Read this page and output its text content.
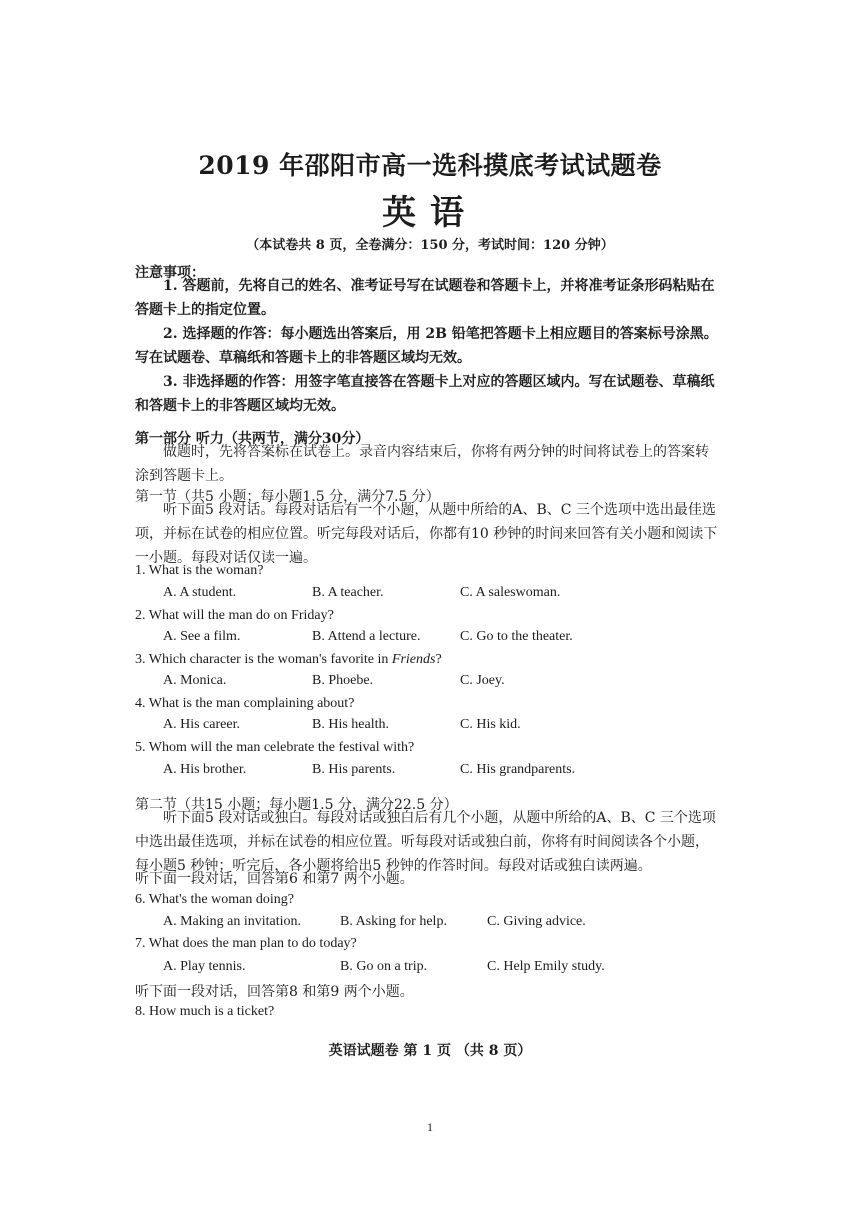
2019 年邵阳市高一选科摸底考试试题卷
英语
（本试卷共 8 页，全卷满分：150 分，考试时间：120 分钟）
注意事项：

1. 答题前，先将自己的姓名、准考证号写在试题卷和答题卡上，并将准考证条形码粘贴在答题卡上的指定位置。

2. 选择题的作答：每小题选出答案后，用 2B 铅笔把答题卡上相应题目的答案标号涂黑。写在试题卷、草稿纸和答题卡上的非答题区域均无效。

3. 非选择题的作答：用签字笔直接答在答题卡上对应的答题区域内。写在试题卷、草稿纸和答题卡上的非答题区域均无效。

第一部分 听力（共两节，满分30分）

做题时，先将答案标在试卷上。录音内容结束后，你将有两分钟的时间将试卷上的答案转涂到答题卡上。

第一节（共5 小题；每小题1.5 分，满分7.5 分）

听下面5 段对话。每段对话后有一个小题，从题中所给的A、B、C 三个选项中选出最佳选项，并标在试卷的相应位置。听完每段对话后，你都有10 秒钟的时间来回答有关小题和阅读下一小题。每段对话仅读一遍。

1. What is the woman?
A. A student.	B. A teacher.	C. A saleswoman.
2. What will the man do on Friday?
A. See a film.	B. Attend a lecture.	C. Go to the theater.
3. Which character is the woman's favorite in Friends?
A. Monica.	B. Phoebe.	C. Joey.
4. What is the man complaining about?
A. His career.	B. His health.	C. His kid.
5. Whom will the man celebrate the festival with?
A. His brother.	B. His parents.	C. His grandparents.
第二节（共15 小题；每小题1.5 分，满分22.5 分）

听下面5 段对话或独白。每段对话或独白后有几个小题，从题中所给的A、B、C 三个选项中选出最佳选项，并标在试卷的相应位置。听每段对话或独白前，你将有时间阅读各个小题，每小题5 秒钟；听完后，各小题将给出5 秒钟的作答时间。每段对话或独白读两遍。

听下面一段对话，回答第6 和第7 两个小题。
6. What's the woman doing?
A. Making an invitation.	B. Asking for help.	C. Giving advice.
7. What does the man plan to do today?
A. Play tennis.	B. Go on a trip.	C. Help Emily study.
听下面一段对话，回答第8 和第9 两个小题。
8. How much is a ticket?
英语试题卷 第 1 页 （共 8 页）
1
